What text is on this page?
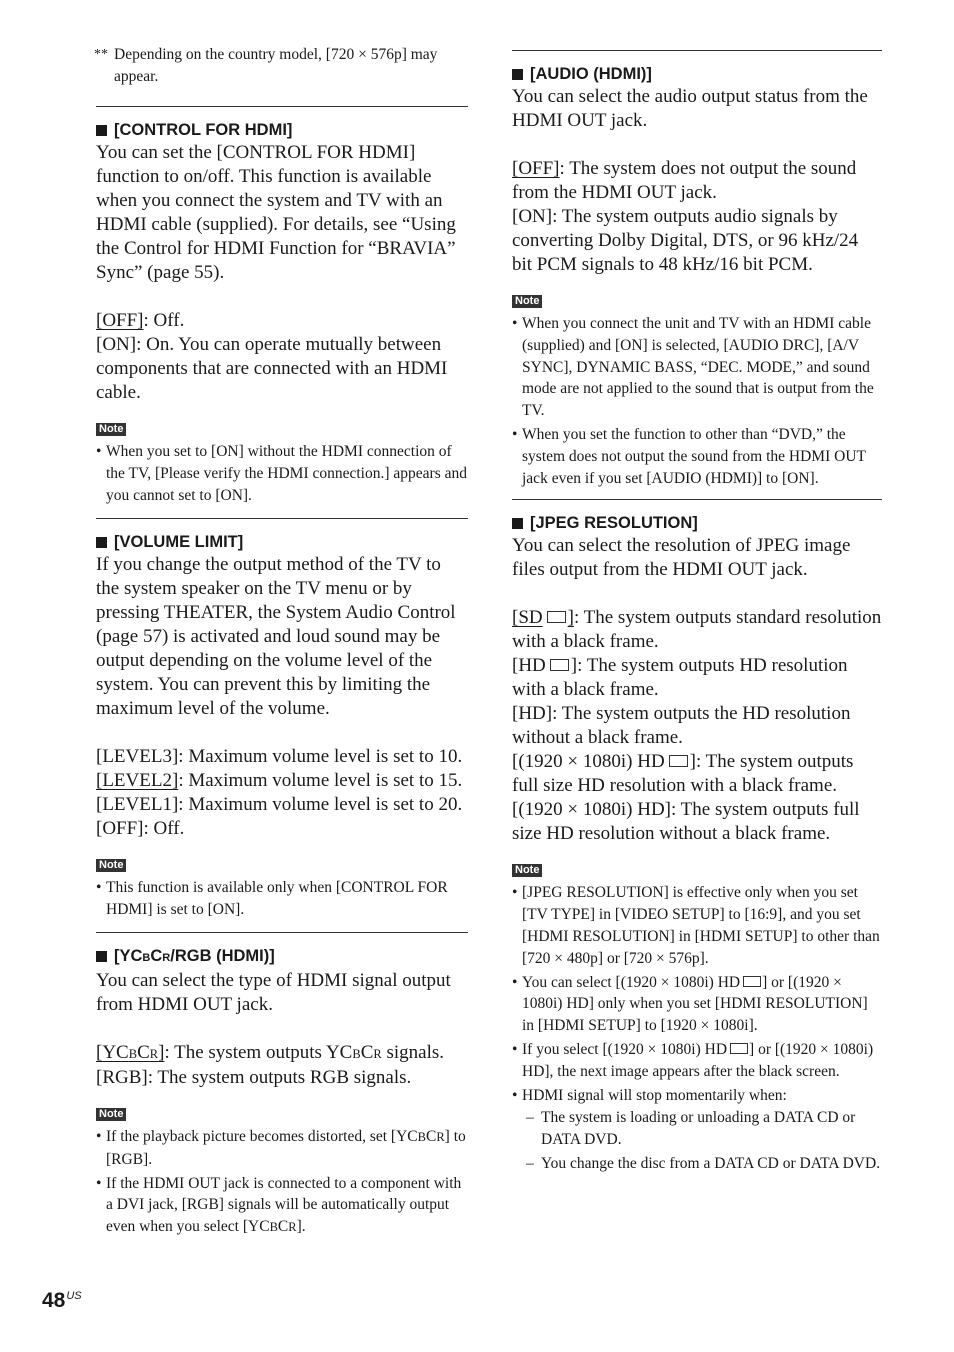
** Depending on the country model, [720 × 576p] may appear.
[CONTROL FOR HDMI]

You can set the [CONTROL FOR HDMI] function to on/off. This function is available when you connect the system and TV with an HDMI cable (supplied). For details, see “Using the Control for HDMI Function for “BRAVIA” Sync” (page 55).

[OFF]: Off.

[ON]: On. You can operate mutually between components that are connected with an HDMI cable.

Note
• When you set to [ON] without the HDMI connection of the TV, [Please verify the HDMI connection.] appears and you cannot set to [ON].
[VOLUME LIMIT]

If you change the output method of the TV to the system speaker on the TV menu or by pressing THEATER, the System Audio Control (page 57) is activated and loud sound may be output depending on the volume level of the system. You can prevent this by limiting the maximum level of the volume.

[LEVEL3]: Maximum volume level is set to 10.

[LEVEL2]: Maximum volume level is set to 15.

[LEVEL1]: Maximum volume level is set to 20.

[OFF]: Off.

Note
• This function is available only when [CONTROL FOR HDMI] is set to [ON].
[YCBCR/RGB (HDMI)]

You can select the type of HDMI signal output from HDMI OUT jack.

[YCBCR]: The system outputs YCBCR signals.

[RGB]: The system outputs RGB signals.

Note
• If the playback picture becomes distorted, set [YCBCR] to [RGB].
• If the HDMI OUT jack is connected to a component with a DVI jack, [RGB] signals will be automatically output even when you select [YCBCR].
[AUDIO (HDMI)]

You can select the audio output status from the HDMI OUT jack.

[OFF]: The system does not output the sound from the HDMI OUT jack.

[ON]: The system outputs audio signals by converting Dolby Digital, DTS, or 96 kHz/24 bit PCM signals to 48 kHz/16 bit PCM.

Note
• When you connect the unit and TV with an HDMI cable (supplied) and [ON] is selected, [AUDIO DRC], [A/V SYNC], DYNAMIC BASS, “DEC. MODE,” and sound mode are not applied to the sound that is output from the TV.
• When you set the function to other than “DVD,” the system does not output the sound from the HDMI OUT jack even if you set [AUDIO (HDMI)] to [ON].
[JPEG RESOLUTION]

You can select the resolution of JPEG image files output from the HDMI OUT jack.

[SD ]: The system outputs standard resolution with a black frame.

[HD ]: The system outputs HD resolution with a black frame.

[HD]: The system outputs the HD resolution without a black frame.

[(1920 × 1080i) HD ]: The system outputs full size HD resolution with a black frame.

[(1920 × 1080i) HD]: The system outputs full size HD resolution without a black frame.

Note
• [JPEG RESOLUTION] is effective only when you set [TV TYPE] in [VIDEO SETUP] to [16:9], and you set [HDMI RESOLUTION] in [HDMI SETUP] to other than [720 × 480p] or [720 × 576p].
• You can select [(1920 × 1080i) HD ] or [(1920 × 1080i) HD] only when you set [HDMI RESOLUTION] in [HDMI SETUP] to [1920 × 1080i].
• If you select [(1920 × 1080i) HD ] or [(1920 × 1080i) HD], the next image appears after the black screen.
• HDMI signal will stop momentarily when:
– The system is loading or unloading a DATA CD or DATA DVD.
– You change the disc from a DATA CD or DATA DVD.
$48^{US}$
